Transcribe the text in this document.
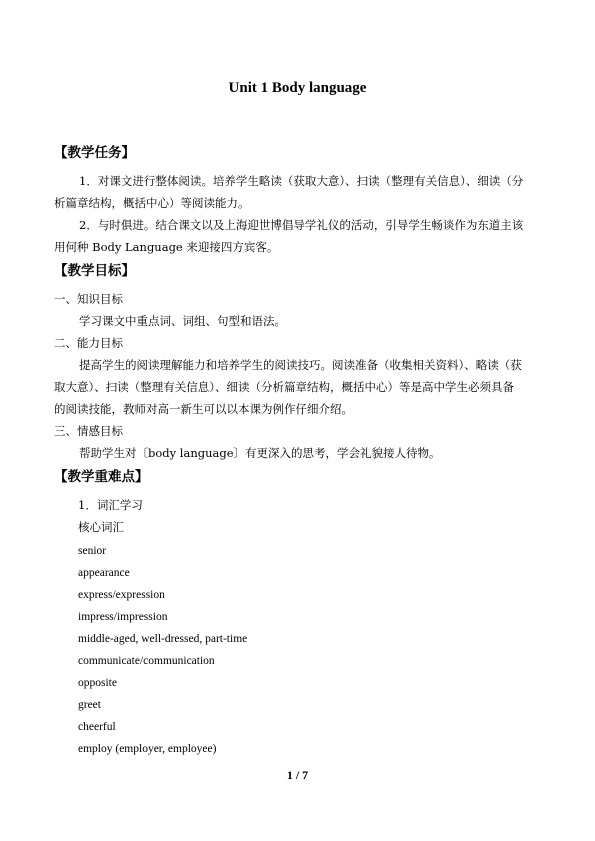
Unit 1 Body language
【教学任务】
1．对课文进行整体阅读。培养学生略读（获取大意）、扫读（整理有关信息）、细读（分
析篇章结构，概括中心）等阅读能力。
2．与时俱进。结合课文以及上海迎世博倡导学礼仪的活动，引导学生畅谈作为东道主该
用何种 Body Language 来迎接四方宾客。
【教学目标】
一、知识目标
学习课文中重点词、词组、句型和语法。
二、能力目标
提高学生的阅读理解能力和培养学生的阅读技巧。阅读准备（收集相关资料）、略读（获
取大意）、扫读（整理有关信息）、细读（分析篇章结构，概括中心）等是高中学生必须具备
的阅读技能，教师对高一新生可以以本课为例作仔细介绍。
三、情感目标
帮助学生对〔body language〕有更深入的思考，学会礼貌接人待物。
【教学重难点】
1．词汇学习
核心词汇
senior
appearance
express/expression
impress/impression
middle-aged, well-dressed, part-time
communicate/communication
opposite
greet
cheerful
employ (employer, employee)
1 / 7
